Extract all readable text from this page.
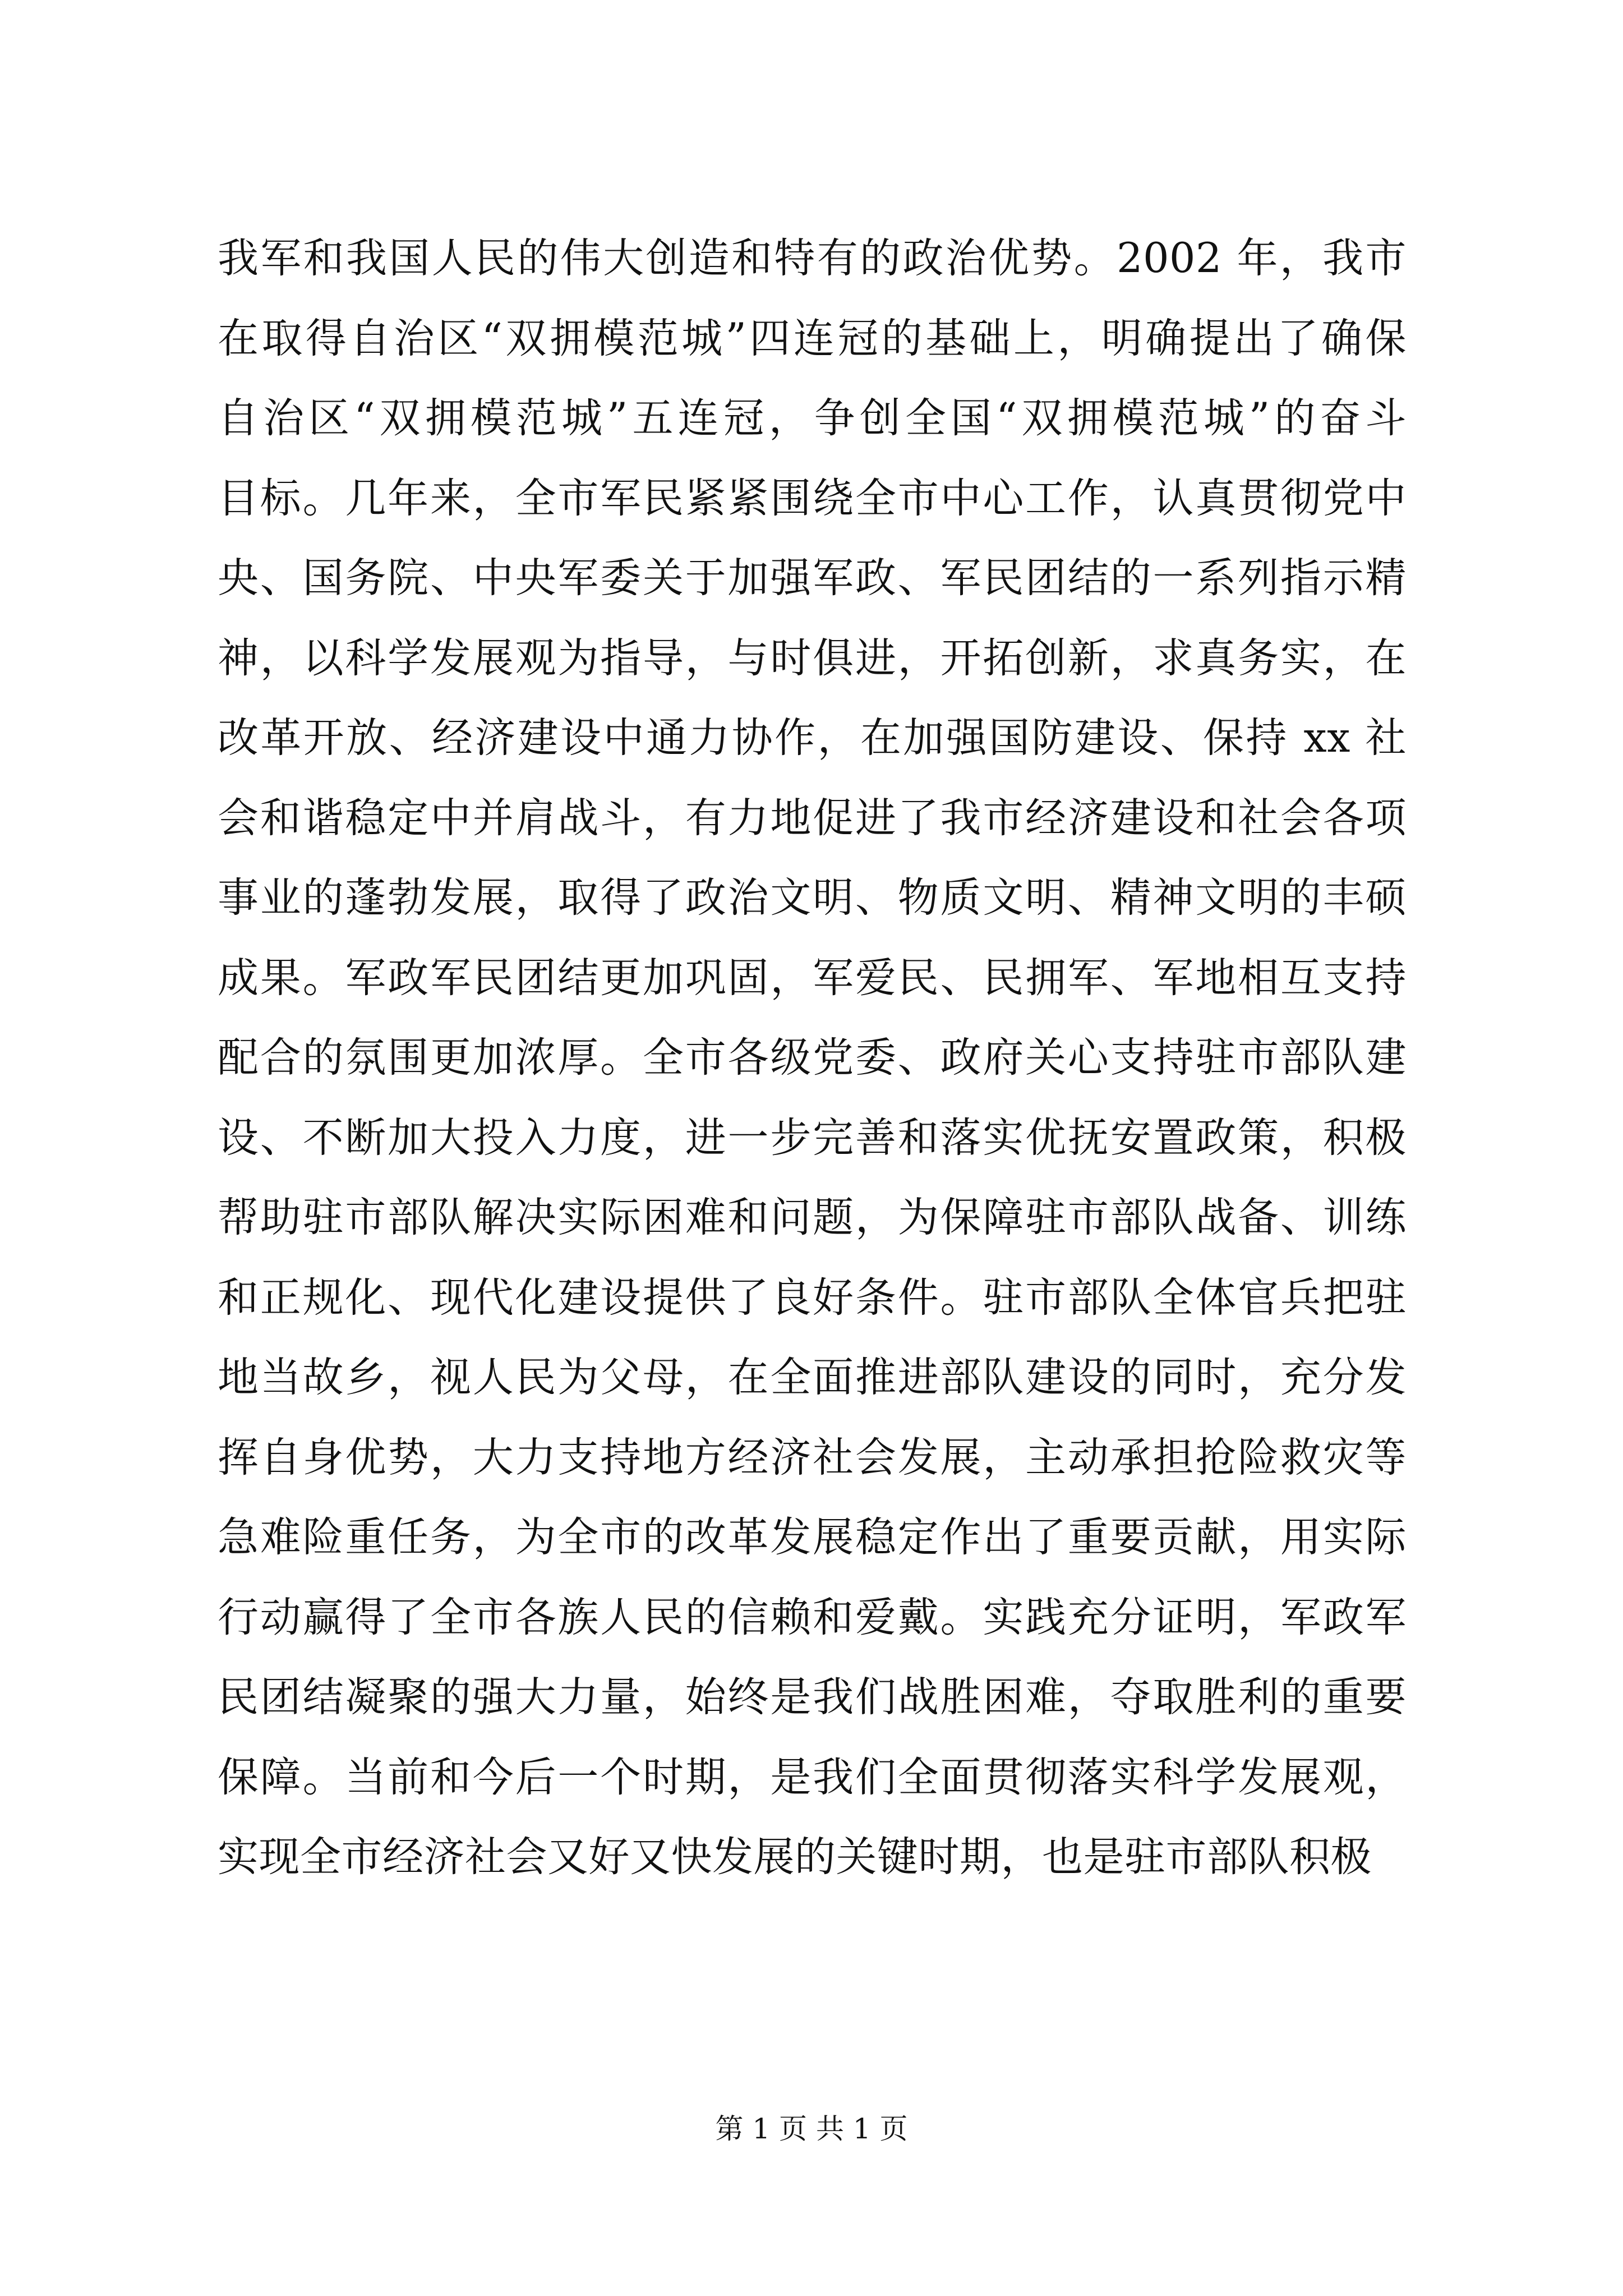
我军和我国人民的伟大创造和特有的政治优势。2002 年，我市
在取得自治区“双拥模范城”四连冠的基础上，明确提出了确保
自治区“双拥模范城”五连冠，争创全国“双拥模范城”的奋斗
目标。几年来，全市军民紧紧围绕全市中心工作，认真贯彻党中
央、国务院、中央军委关于加强军政、军民团结的一系列指示精
神，以科学发展观为指导，与时俱进，开拓创新，求真务实，在
改革开放、经济建设中通力协作，在加强国防建设、保持 xx 社
会和谐稳定中并肩战斗，有力地促进了我市经济建设和社会各项
事业的蓬勃发展，取得了政治文明、物质文明、精神文明的丰硕
成果。军政军民团结更加巩固，军爱民、民拥军、军地相互支持
配合的氛围更加浓厚。全市各级党委、政府关心支持驻市部队建
设、不断加大投入力度，进一步完善和落实优抚安置政策，积极
帮助驻市部队解决实际困难和问题，为保障驻市部队战备、训练
和正规化、现代化建设提供了良好条件。驻市部队全体官兵把驻
地当故乡，视人民为父母，在全面推进部队建设的同时，充分发
挥自身优势，大力支持地方经济社会发展，主动承担抢险救灾等
急难险重任务，为全市的改革发展稳定作出了重要贡献，用实际
行动赢得了全市各族人民的信赖和爱戴。实践充分证明，军政军
民团结凝聚的强大力量，始终是我们战胜困难，夺取胜利的重要
保障。当前和今后一个时期，是我们全面贯彻落实科学发展观，
实现全市经济社会又好又快发展的关键时期，也是驻市部队积极
第 1 页 共 1 页
